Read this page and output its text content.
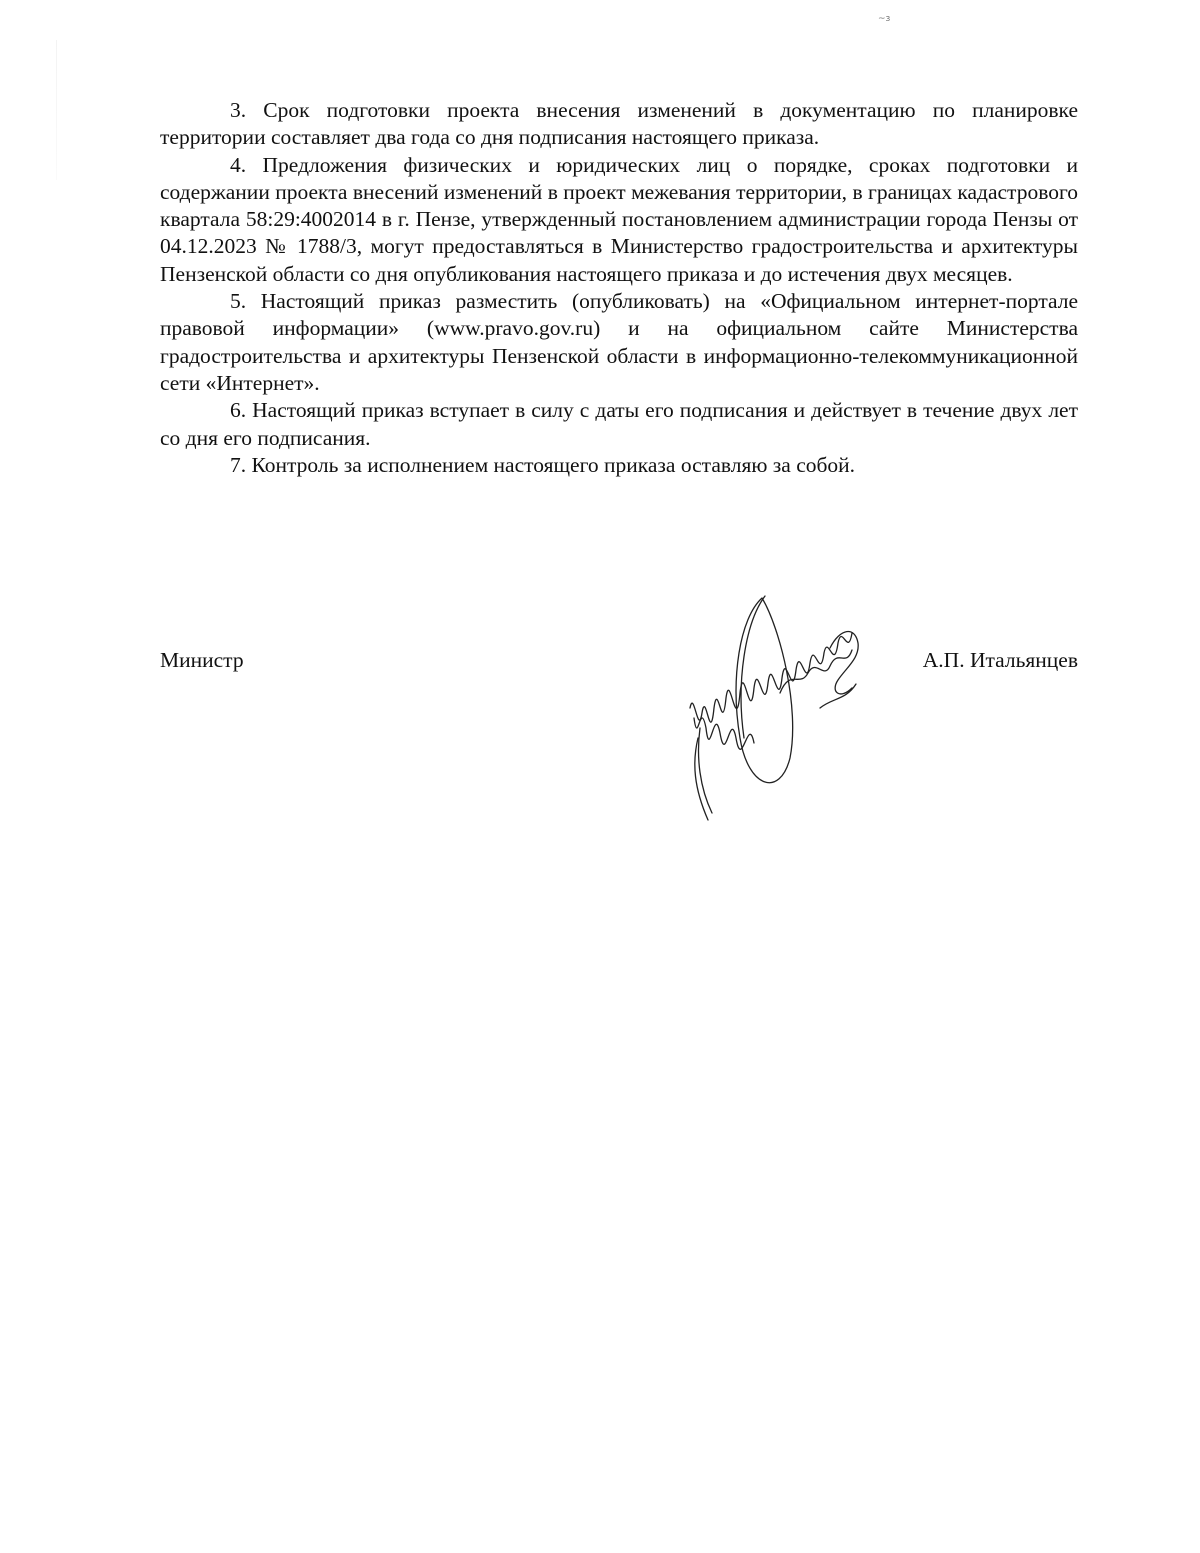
~з

3. Срок подготовки проекта внесения изменений в документацию по планировке территории составляет два года со дня подписания настоящего приказа.

4. Предложения физических и юридических лиц о порядке, сроках подготовки и содержании проекта внесений изменений в проект межевания территории, в границах кадастрового квартала 58:29:4002014 в г. Пензе, утвержденный постановлением администрации города Пензы от 04.12.2023 № 1788/3, могут предоставляться в Министерство градостроительства и архитектуры Пензенской области со дня опубликования настоящего приказа и до истечения двух месяцев.

5. Настоящий приказ разместить (опубликовать) на «Официальном интернет-портале правовой информации» (www.pravo.gov.ru) и на официальном сайте Министерства градостроительства и архитектуры Пензенской области в информационно-телекоммуникационной сети «Интернет».

6. Настоящий приказ вступает в силу с даты его подписания и действует в течение двух лет со дня его подписания.

7. Контроль за исполнением настоящего приказа оставляю за собой.

Министр	А.П. Итальянцев
